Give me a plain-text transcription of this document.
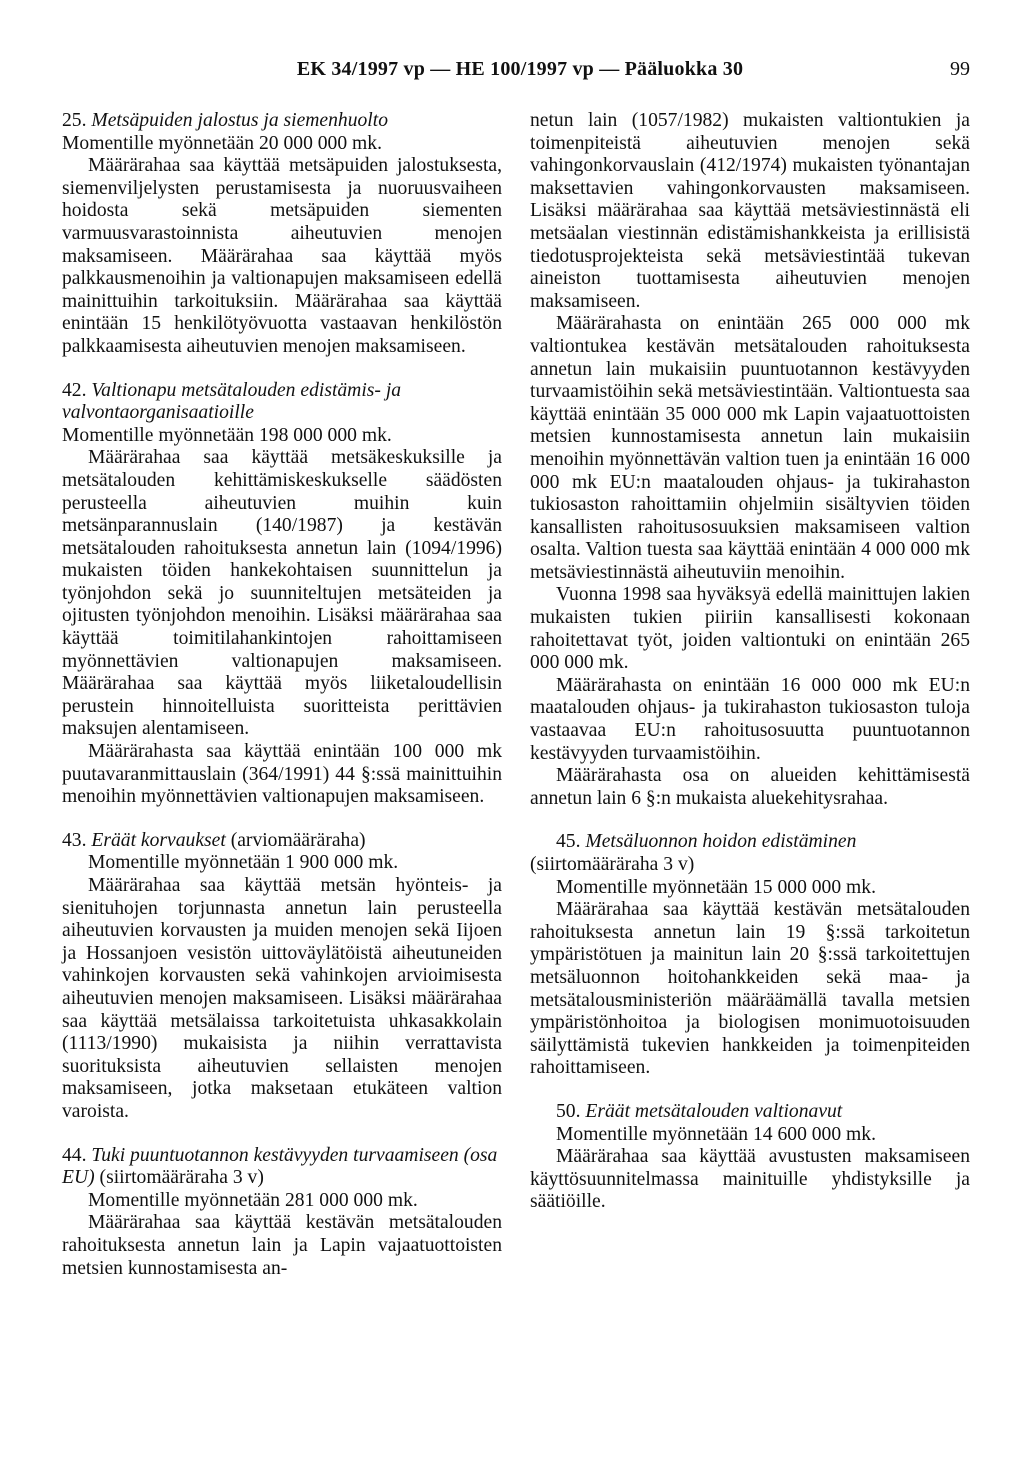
EK 34/1997 vp — HE 100/1997 vp — Pääluokka 30	99

25. Metsäpuiden jalostus ja siemenhuolto

Momentille myönnetään 20 000 000 mk.

Määrärahaa saa käyttää metsäpuiden jalostuksesta, siemenviljelysten perustamisesta ja nuoruusvaiheen hoidosta sekä metsäpuiden siementen varmuusvarastoinnista aiheutuvien menojen maksamiseen. Määrärahaa saa käyttää myös palkkausmenoihin ja valtionapujen maksamiseen edellä mainittuihin tarkoituksiin. Määrärahaa saa käyttää enintään 15 henkilötyövuotta vastaavan henkilöstön palkkaamisesta aiheutuvien menojen maksamiseen.

42. Valtionapu metsätalouden edistämis- ja valvontaorganisaatioille

Momentille myönnetään 198 000 000 mk.

Määrärahaa saa käyttää metsäkeskuksille ja metsätalouden kehittämiskeskukselle säädösten perusteella aiheutuvien muihin kuin metsänparannuslain (140/1987) ja kestävän metsätalouden rahoituksesta annetun lain (1094/1996) mukaisten töiden hankekohtaisen suunnittelun ja työnjohdon sekä jo suunniteltujen metsäteiden ja ojitusten työnjohdon menoihin. Lisäksi määrärahaa saa käyttää toimitilahankintojen rahoittamiseen myönnettävien valtionapujen maksamiseen. Määrärahaa saa käyttää myös liiketaloudellisin perustein hinnoitelluista suoritteista perittävien maksujen alentamiseen.

Määrärahasta saa käyttää enintään 100 000 mk puutavaranmittauslain (364/1991) 44 §:ssä mainittuihin menoihin myönnettävien valtionapujen maksamiseen.

43. Eräät korvaukset (arviomääräraha)

Momentille myönnetään 1 900 000 mk.

Määrärahaa saa käyttää metsän hyönteis- ja sienituhojen torjunnasta annetun lain perusteella aiheutuvien korvausten ja muiden menojen sekä Iijoen ja Hossanjoen vesistön uittoväylätöistä aiheutuneiden vahinkojen korvausten sekä vahinkojen arvioimisesta aiheutuvien menojen maksamiseen. Lisäksi määrärahaa saa käyttää metsälaissa tarkoitetuista uhkasakkolain (1113/1990) mukaisista ja niihin verrattavista suorituksista aiheutuvien sellaisten menojen maksamiseen, jotka maksetaan etukäteen valtion varoista.

44. Tuki puuntuotannon kestävyyden turvaamiseen (osa EU) (siirtomääräraha 3 v)

Momentille myönnetään 281 000 000 mk.

Määrärahaa saa käyttää kestävän metsätalouden rahoituksesta annetun lain ja Lapin vajaatuottoisten metsien kunnostamisesta an-

netun lain (1057/1982) mukaisten valtiontukien ja toimenpiteistä aiheutuvien menojen sekä vahingonkorvauslain (412/1974) mukaisten työnantajan maksettavien vahingonkorvausten maksamiseen. Lisäksi määrärahaa saa käyttää metsäviestinnästä eli metsäalan viestinnän edistämishankkeista ja erillisistä tiedotusprojekteista sekä metsäviestintää tukevan aineiston tuottamisesta aiheutuvien menojen maksamiseen.

Määrärahasta on enintään 265 000 000 mk valtiontukea kestävän metsätalouden rahoituksesta annetun lain mukaisiin puuntuotannon kestävyyden turvaamistöihin sekä metsäviestintään. Valtiontuesta saa käyttää enintään 35 000 000 mk Lapin vajaatuottoisten metsien kunnostamisesta annetun lain mukaisiin menoihin myönnettävän valtion tuen ja enintään 16 000 000 mk EU:n maatalouden ohjaus- ja tukirahaston tukiosaston rahoittamiin ohjelmiin sisältyvien töiden kansallisten rahoitusosuuksien maksamiseen valtion osalta. Valtion tuesta saa käyttää enintään 4 000 000 mk metsäviestinnästä aiheutuviin menoihin.

Vuonna 1998 saa hyväksyä edellä mainittujen lakien mukaisten tukien piiriin kansallisesti kokonaan rahoitettavat työt, joiden valtiontuki on enintään 265 000 000 mk.

Määrärahasta on enintään 16 000 000 mk EU:n maatalouden ohjaus- ja tukirahaston tukiosaston tuloja vastaavaa EU:n rahoitusosuutta puuntuotannon kestävyyden turvaamistöihin.

Määrärahasta osa on alueiden kehittämisestä annetun lain 6 §:n mukaista aluekehitysrahaa.

45. Metsäluonnon hoidon edistäminen (siirtomääräraha 3 v)

Momentille myönnetään 15 000 000 mk.

Määrärahaa saa käyttää kestävän metsätalouden rahoituksesta annetun lain 19 §:ssä tarkoitetun ympäristötuen ja mainitun lain 20 §:ssä tarkoitettujen metsäluonnon hoitohankkeiden sekä maa- ja metsätalousministeriön määräämällä tavalla metsien ympäristönhoitoa ja biologisen monimuotoisuuden säilyttämistä tukevien hankkeiden ja toimenpiteiden rahoittamiseen.

50. Eräät metsätalouden valtionavut

Momentille myönnetään 14 600 000 mk.

Määrärahaa saa käyttää avustusten maksamiseen käyttösuunnitelmassa mainituille yhdistyksille ja säätiöille.
